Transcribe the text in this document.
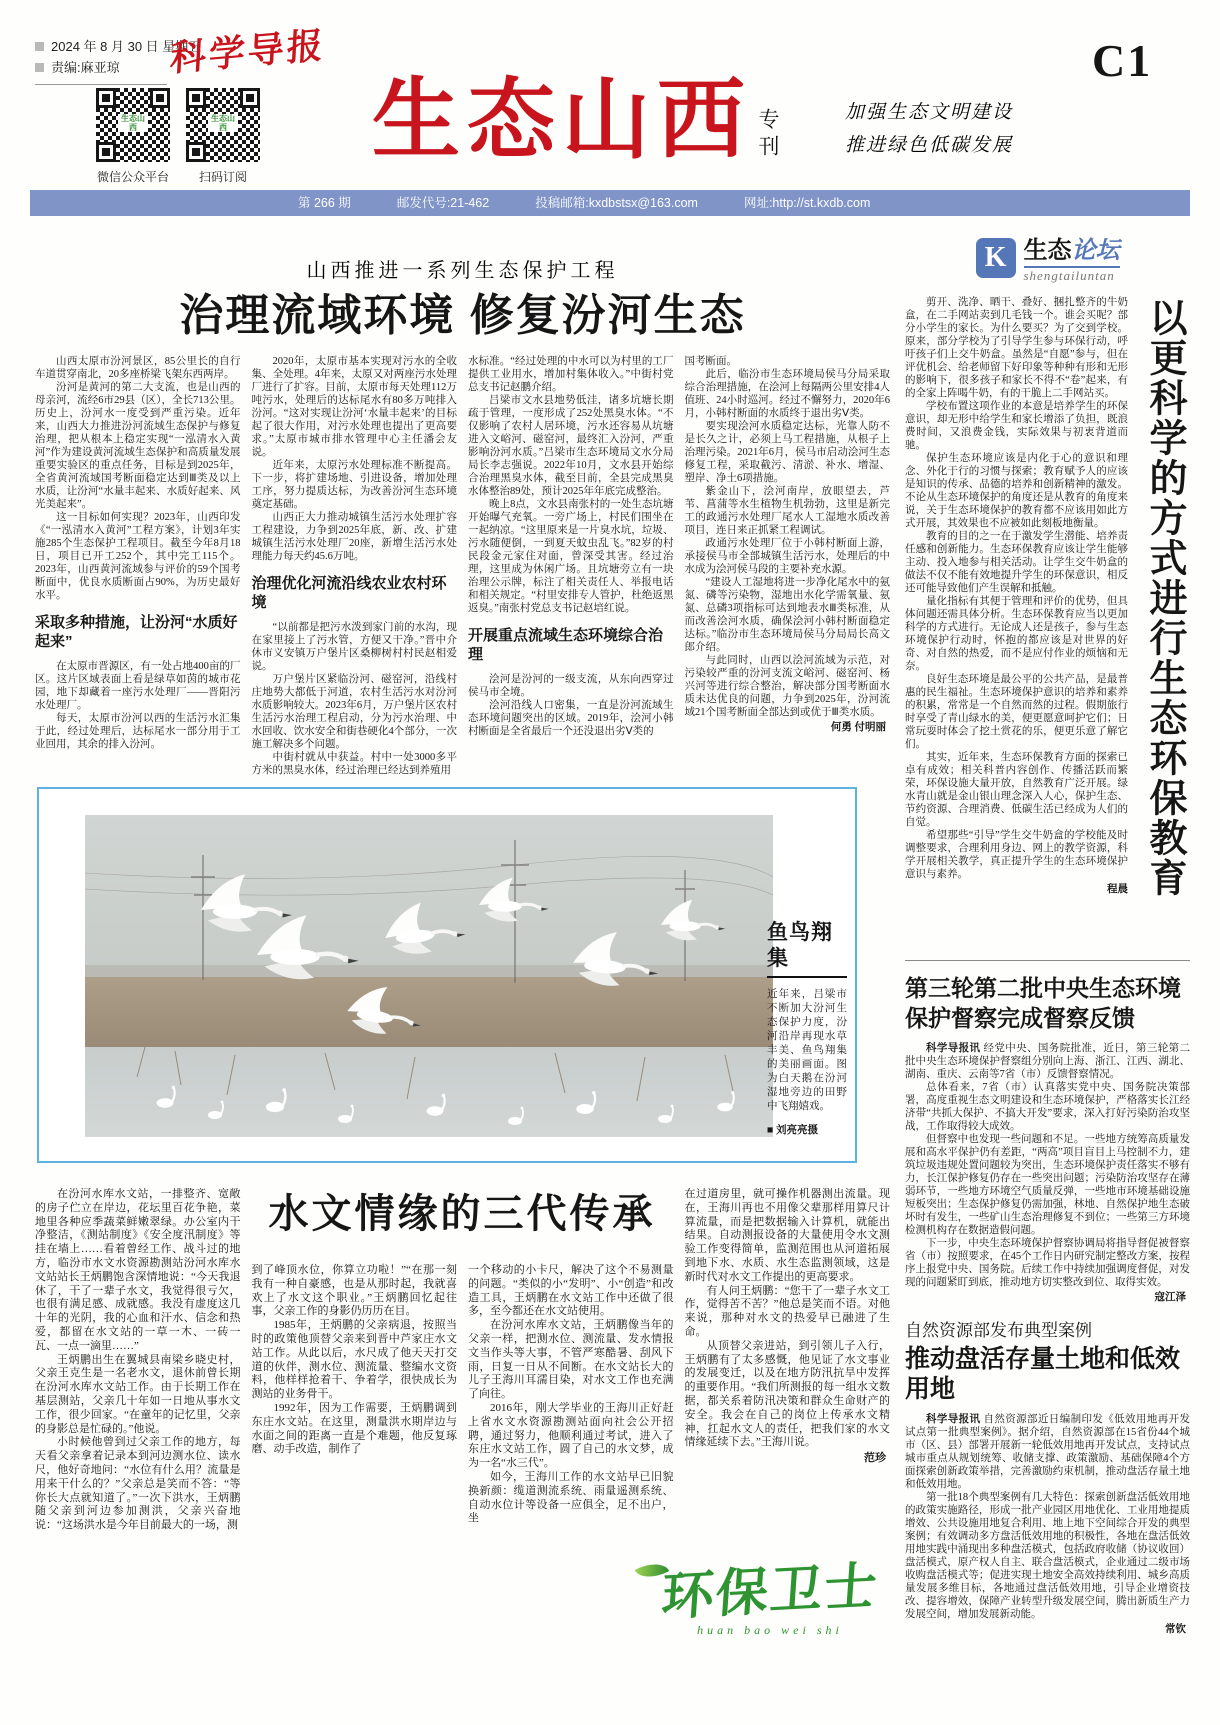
2024 年 8 月 30 日 星期五
责编:麻亚琼	科学导报
生态山西
生态山西
微信公众平台	扫码订阅
生态山西 专刊
C1
加强生态文明建设
推进绿色低碳发展
第 266 期	邮发代号:21-462	投稿邮箱:kxdbstsx@163.com	网址:http://st.kxdb.com
山西推进一系列生态保护工程
治理流域环境 修复汾河生态

山西太原市汾河景区，85公里长的自行车道贯穿南北，20多座桥梁飞架东西两岸。

汾河是黄河的第二大支流，也是山西的母亲河，流经6市29县（区），全长713公里。历史上，汾河水一度受到严重污染。近年来，山西大力推进汾河流域生态保护与修复治理，把从根本上稳定实现“一泓清水入黄河”作为建设黄河流域生态保护和高质量发展重要实验区的重点任务，目标是到2025年，全省黄河流域国考断面稳定达到Ⅲ类及以上水质，让汾河“水量丰起来、水质好起来、风光美起来”。

这一目标如何实现？2023年，山西印发《“一泓清水入黄河”工程方案》，计划3年实施285个生态保护工程项目。截至今年8月18日，项目已开工252个，其中完工115个。2023年，山西黄河流域参与评价的59个国考断面中，优良水质断面占90%，为历史最好水平。

采取多种措施，让汾河“水质好起来”

在太原市晋源区，有一处占地400亩的厂区。这片区域表面上看是绿草如茵的城市花园，地下却藏着一座污水处理厂——晋阳污水处理厂。

每天，太原市汾河以西的生活污水汇集于此，经过处理后，达标尾水一部分用于工业回用，其余的排入汾河。

2020年，太原市基本实现对污水的全收集、全处理。4年来，太原又对两座污水处理厂进行了扩容。目前，太原市每天处理112万吨污水，处理后的达标尾水有80多万吨排入汾河。“这对实现让汾河‘水量丰起来’的目标起了很大作用，对污水处理也提出了更高要求。”太原市城市排水管理中心主任潘会友说。

近年来，太原污水处理标准不断提高。下一步，将扩建场地、引进设备，增加处理工序，努力提质达标，为改善汾河生态环境奠定基础。

山西正大力推动城镇生活污水处理扩容工程建设，力争到2025年底，新、改、扩建城镇生活污水处理厂20座，新增生活污水处理能力每天约45.6万吨。

治理优化河流沿线农业农村环境

“以前都是把污水泼到家门前的水沟，现在家里接上了污水管，方便又干净。”晋中介休市义安镇万户堡片区桑柳树村村民赵相爱说。

万户堡片区紧临汾河、磁窑河，沿线村庄地势大都低于河道，农村生活污水对汾河水质影响较大。2023年6月，万户堡片区农村生活污水治理工程启动，分为污水治理、中水回收、饮水安全和街巷硬化4个部分，一次施工解决多个问题。

中街村就从中获益。村中一处3000多平方米的黑臭水体，经过治理已经达到养殖用

水标准。“经过处理的中水可以为村里的工厂提供工业用水，增加村集体收入。”中街村党总支书记赵鹏介绍。

吕梁市文水县地势低洼，诸多坑塘长期疏于管理，一度形成了252处黑臭水体。“不仅影响了农村人居环境，污水还容易从坑塘进入文峪河、磁窑河，最终汇入汾河，严重影响汾河水质。”吕梁市生态环境局文水分局局长李志强说。2022年10月，文水县开始综合治理黑臭水体，截至目前，全县完成黑臭水体整治89处，预计2025年年底完成整治。

晚上8点，文水县南张村的一处生态坑塘开始曝气充氧。一旁广场上，村民们围坐在一起纳凉。“这里原来是一片臭水坑，垃圾、污水随便倒，一到夏天蚊虫乱飞。”82岁的村民段金元家住对面，曾深受其害。经过治理，这里成为休闲广场。且坑塘旁立有一块治理公示牌，标注了相关责任人、举报电话和相关规定。“村里安排专人管护，杜绝返黑返臭。”南张村党总支书记赵培红说。

开展重点流域生态环境综合治理

浍河是汾河的一级支流，从东向西穿过侯马市全境。

浍河沿线人口密集，一直是汾河流域生态环境问题突出的区域。2019年，浍河小韩村断面是全省最后一个还没退出劣Ⅴ类的

国考断面。

此后，临汾市生态环境局侯马分局采取综合治理措施，在浍河上每隔两公里安排4人值班、24小时巡河。经过不懈努力，2020年6月，小韩村断面的水质终于退出劣Ⅴ类。

要实现浍河水质稳定达标，光靠人防不是长久之计，必须上马工程措施，从根子上治理污染。2021年6月，侯马市启动浍河生态修复工程，采取截污、清淤、补水、增湿、塑岸、净土6项措施。

紫金山下，浍河南岸，放眼望去，芦苇、菖蒲等水生植物生机勃勃，这里是新完工的政通污水处理厂尾水人工湿地水质改善项目，连日来正抓紧工程调试。

政通污水处理厂位于小韩村断面上游，承接侯马市全部城镇生活污水，处理后的中水成为浍河侯马段的主要补充水源。

“建设人工湿地将进一步净化尾水中的氨氮、磷等污染物，湿地出水化学需氧量、氨氮、总磷3项指标可达到地表水Ⅲ类标准，从而改善浍河水质，确保浍河小韩村断面稳定达标。”临汾市生态环境局侯马分局局长高文郎介绍。

与此同时，山西以浍河流域为示范，对污染较严重的汾河支流文峪河、磁窑河、杨兴河等进行综合整治，解决部分国考断面水质未达优良的问题，力争到2025年，汾河流域21个国考断面全部达到或优于Ⅲ类水质。

何勇 付明丽
鱼鸟翔集
近年来，吕梁市不断加大汾河生态保护力度，汾河沿岸再现水草丰美、鱼鸟翔集的美丽画面。图为白天鹅在汾河湿地旁边的田野中飞翔嬉戏。
■ 刘亮亮摄
K 生态论坛
shengtailuntan
以更科学的方式进行生态环保教育

剪开、洗净、晒干、叠好、捆扎整齐的牛奶盒，在二手网站卖到几毛钱一个。谁会买呢？部分小学生的家长。为什么要买？为了交到学校。原来，部分学校为了引导学生参与环保行动，呼吁孩子们上交牛奶盒。虽然是“自愿”参与，但在评优机会、给老师留下好印象等种种有形和无形的影响下，很多孩子和家长不得不“卷”起来，有的全家上阵喝牛奶，有的干脆上二手网站买。

学校布置这项作业的本意是培养学生的环保意识，却无形中给学生和家长增添了负担，既浪费时间，又浪费金钱，实际效果与初衷背道而驰。

保护生态环境应该是内化于心的意识和理念、外化于行的习惯与探索；教育赋予人的应该是知识的传承、品德的培养和创新精神的激发。不论从生态环境保护的角度还是从教育的角度来说，关于生态环境保护的教育都不应该用如此方式开展，其效果也不应被如此刻板地衡量。

教育的目的之一在于激发学生潜能、培养责任感和创新能力。生态环保教育应该让学生能够主动、投入地参与相关活动。让学生交牛奶盒的做法不仅不能有效地提升学生的环保意识，相反还可能导致他们产生误解和抵触。

量化指标有其便于管理和评价的优势，但具体问题还需具体分析。生态环保教育应当以更加科学的方式进行。无论成人还是孩子，参与生态环境保护行动时，怀抱的都应该是对世界的好奇、对自然的热爱，而不是应付作业的烦恼和无奈。

良好生态环境是最公平的公共产品，是最普惠的民生福祉。生态环境保护意识的培养和素养的积累，常常是一个自然而然的过程。假期旅行时享受了青山绿水的美，便更愿意呵护它们；日常玩耍时体会了挖土赏花的乐，便更乐意了解它们。

其实，近年来，生态环保教育方面的探索已卓有成效；相关科普内容创作、传播活跃而繁荣，环保设施大量开放，自然教育广泛开展。绿水青山就是金山银山理念深入人心，保护生态、节约资源、合理消费、低碳生活已经成为人们的自觉。

希望那些“引导”学生交牛奶盒的学校能及时调整要求，合理利用身边、网上的教学资源，科学开展相关教学，真正提升学生的生态环境保护意识与素养。

程晨
第三轮第二批中央生态环境保护督察完成督察反馈

科学导报讯 经党中央、国务院批准，近日，第三轮第二批中央生态环境保护督察组分别向上海、浙江、江西、湖北、湖南、重庆、云南等7省（市）反馈督察情况。

总体看来，7省（市）认真落实党中央、国务院决策部署，高度重视生态文明建设和生态环境保护，严格落实长江经济带“共抓大保护、不搞大开发”要求，深入打好污染防治攻坚战，工作取得较大成效。

但督察中也发现一些问题和不足。一些地方统筹高质量发展和高水平保护仍有差距，“两高”项目盲目上马控制不力，建筑垃圾违规处置问题较为突出，生态环境保护责任落实不够有力，长江保护修复仍存在一些突出问题；污染防治攻坚存在薄弱环节，一些地方环境空气质量反弹，一些地市环境基础设施短板突出；生态保护修复仍需加强，林地、自然保护地生态破坏时有发生，一些矿山生态治理修复不到位；一些第三方环境检测机构存在数据造假问题。

下一步，中央生态环境保护督察协调局将指导督促被督察省（市）按照要求，在45个工作日内研究制定整改方案，按程序上报党中央、国务院。后续工作中持续加强调度督促，对发现的问题紧盯到底，推动地方切实整改到位、取得实效。

寇江泽
自然资源部发布典型案例
推动盘活存量土地和低效用地

科学导报讯 自然资源部近日编制印发《低效用地再开发试点第一批典型案例》。据介绍，自然资源部在15省份44个城市（区、县）部署开展新一轮低效用地再开发试点，支持试点城市重点从规划统筹、收储支撑、政策激励、基础保障4个方面探索创新政策举措，完善激励约束机制，推动盘活存量土地和低效用地。

第一批18个典型案例有几大特色：探索创新盘活低效用地的政策实施路径，形成一批产业园区用地优化、工业用地提质增效、公共设施用地复合利用、地上地下空间综合开发的典型案例；有效调动多方盘活低效用地的积极性，各地在盘活低效用地实践中涌现出多种盘活模式，包括政府收储（协议收回）盘活模式，原产权人自主、联合盘活模式，企业通过二级市场收购盘活模式等；促进实现土地安全高效持续利用、城乡高质量发展多维目标，各地通过盘活低效用地，引导企业增资技改、提容增效，保障产业转型升级发展空间，腾出新质生产力发展空间，增加发展新动能。

常钦
水文情缘的三代传承

在汾河水库水文站，一排整齐、宽敞的房子伫立在岸边，花坛里百花争艳，菜地里各种应季蔬菜鲜嫩翠绿。办公室内干净整洁，《测站制度》《安全度汛制度》等挂在墙上……看着曾经工作、战斗过的地方，临汾市水文水资源勘测站汾河水库水文站站长王炳鹏饱含深情地说：“今天我退休了，干了一辈子水文，我觉得很亏欠，也很有满足感、成就感。我没有虚度这几十年的光阴，我的心血和汗水、信念和热爱，都留在水文站的一草一木、一砖一瓦、一点一滴里……”

王炳鹏出生在翼城县南梁乡晓史村，父亲王克生是一名老水文，退休前曾长期在汾河水库水文站工作。由于长期工作在基层测站，父亲几十年如一日地从事水文工作，很少回家。“在童年的记忆里，父亲的身影总是忙碌的。”他说。

小时候他曾到过父亲工作的地方，每天看父亲拿着记录本到河边测水位、读水尺，他好奇地问：“水位有什么用？流量是用来干什么的？”父亲总是笑而不答：“等你长大点就知道了。”一次下洪水，王炳鹏随父亲到河边参加测洪，父亲兴奋地说：“这场洪水是今年目前最大的一场，测

到了峰顶水位，你算立功啦！”“在那一刻我有一种自豪感，也是从那时起，我就喜欢上了水文这个职业。”王炳鹏回忆起往事，父亲工作的身影仍历历在目。

1985年，王炳鹏的父亲病退，按照当时的政策他顶替父亲来到晋中芦家庄水文站工作。从此以后，水尺成了他天天打交道的伙伴，测水位、测流量、整编水文资料，他样样抢着干、争着学，很快成长为测站的业务骨干。

1992年，因为工作需要，王炳鹏调到东庄水文站。在这里，测量洪水期岸边与水面之间的距离一直是个难题，他反复琢磨、动手改造，制作了

一个移动的小卡尺，解决了这个不易测量的问题。“类似的小“发明”、小“创造”和改造工具，王炳鹏在水文站工作中还做了很多，至今都还在水文站使用。

在汾河水库水文站，王炳鹏像当年的父亲一样，把测水位、测流量、发水情报文当作头等大事，不管严寒酷暑、刮风下雨，日复一日从不间断。在水文站长大的儿子王海川耳濡目染，对水文工作也充满了向往。

2016年，刚大学毕业的王海川正好赶上省水文水资源勘测站面向社会公开招聘，通过努力，他顺利通过考试，进入了东庄水文站工作，圆了自己的水文梦，成为一名“水三代”。

如今，王海川工作的水文站早已旧貌换新颜：缆道测流系统、雨量遥测系统、自动水位计等设备一应俱全，足不出户，坐

在过道房里，就可操作机器测出流量。现在，王海川再也不用像父辈那样用算尺计算流量，而是把数据输入计算机，就能出结果。自动测报设备的大量使用令水文测验工作变得简单，监测范围也从河道拓展到地下水、水质、水生态监测领域，这是新时代对水文工作提出的更高要求。

有人问王炳鹏：“您干了一辈子水文工作，觉得苦不苦？”他总是笑而不语。对他来说，那种对水文的热爱早已融进了生命。

从顶替父亲进站，到引领儿子入行，王炳鹏有了太多感慨，他见证了水文事业的发展变迁，以及在地方防汛抗旱中发挥的重要作用。“我们所测报的每一组水文数据，都关系着防汛决策和群众生命财产的安全。我会在自己的岗位上传承水文精神，扛起水文人的责任，把我们家的水文情缘延续下去。”王海川说。

范珍
环保卫士
huan bao wei shi
